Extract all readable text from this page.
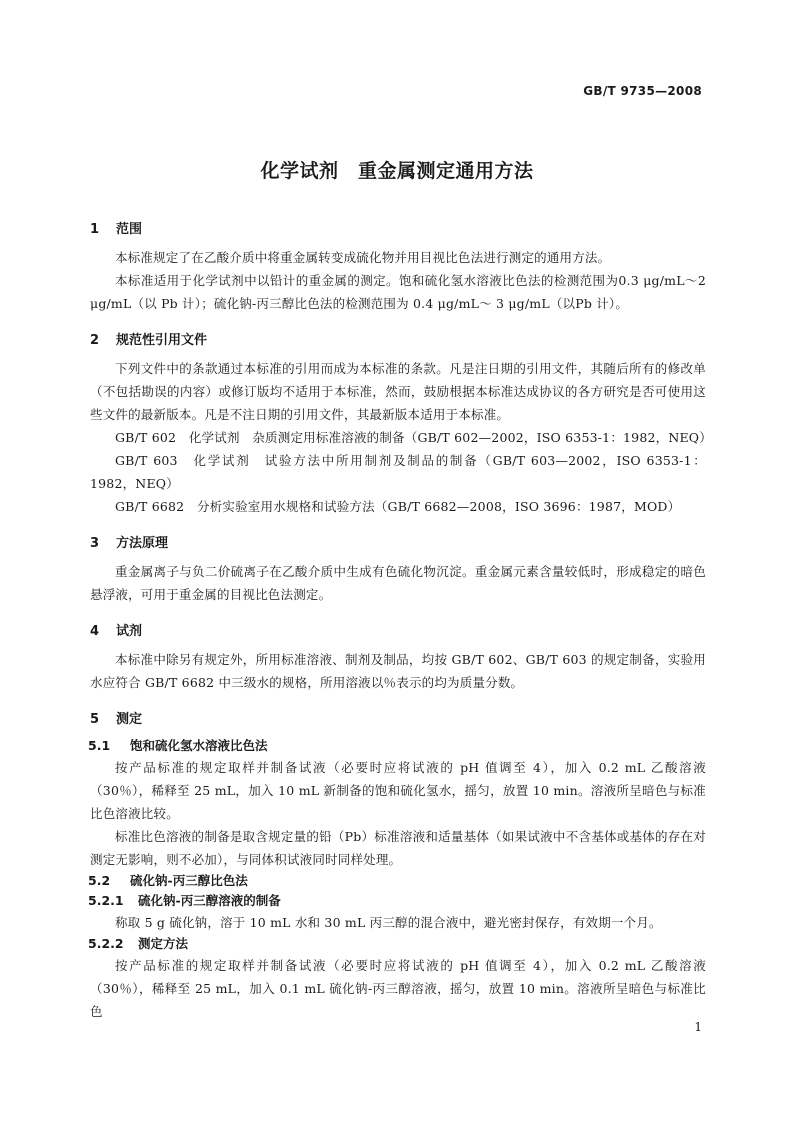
GB/T 9735—2008
化学试剂　重金属测定通用方法
1 范围

本标准规定了在乙酸介质中将重金属转变成硫化物并用目视比色法进行测定的通用方法。

本标准适用于化学试剂中以铅计的重金属的测定。饱和硫化氢水溶液比色法的检测范围为0.3 μg/mL～2 μg/mL（以 Pb 计）；硫化钠-丙三醇比色法的检测范围为 0.4 μg/mL～ 3 μg/mL（以Pb 计）。

2 规范性引用文件

下列文件中的条款通过本标准的引用而成为本标准的条款。凡是注日期的引用文件，其随后所有的修改单（不包括勘误的内容）或修订版均不适用于本标准，然而，鼓励根据本标准达成协议的各方研究是否可使用这些文件的最新版本。凡是不注日期的引用文件，其最新版本适用于本标准。

GB/T 602　化学试剂　杂质测定用标准溶液的制备（GB/T 602—2002，ISO 6353-1：1982，NEQ）

GB/T 603　化学试剂　试验方法中所用制剂及制品的制备（GB/T 603—2002，ISO 6353-1：1982，NEQ）

GB/T 6682　分析实验室用水规格和试验方法（GB/T 6682—2008，ISO 3696：1987，MOD）

3 方法原理

重金属离子与负二价硫离子在乙酸介质中生成有色硫化物沉淀。重金属元素含量较低时，形成稳定的暗色悬浮液，可用于重金属的目视比色法测定。

4 试剂

本标准中除另有规定外，所用标准溶液、制剂及制品，均按 GB/T 602、GB/T 603 的规定制备，实验用水应符合 GB/T 6682 中三级水的规格，所用溶液以％表示的均为质量分数。

5 测定
5.1 饱和硫化氢水溶液比色法

按产品标准的规定取样并制备试液（必要时应将试液的 pH 值调至 4），加入 0.2 mL 乙酸溶液（30％），稀释至 25 mL，加入 10 mL 新制备的饱和硫化氢水，摇匀，放置 10 min。溶液所呈暗色与标准比色溶液比较。

标准比色溶液的制备是取含规定量的铅（Pb）标准溶液和适量基体（如果试液中不含基体或基体的存在对测定无影响，则不必加），与同体积试液同时同样处理。

5.2 硫化钠-丙三醇比色法
5.2.1 硫化钠-丙三醇溶液的制备

称取 5 g 硫化钠，溶于 10 mL 水和 30 mL 丙三醇的混合液中，避光密封保存，有效期一个月。

5.2.2 测定方法

按产品标准的规定取样并制备试液（必要时应将试液的 pH 值调至 4），加入 0.2 mL 乙酸溶液（30％），稀释至 25 mL，加入 0.1 mL 硫化钠-丙三醇溶液，摇匀，放置 10 min。溶液所呈暗色与标准比色

1
